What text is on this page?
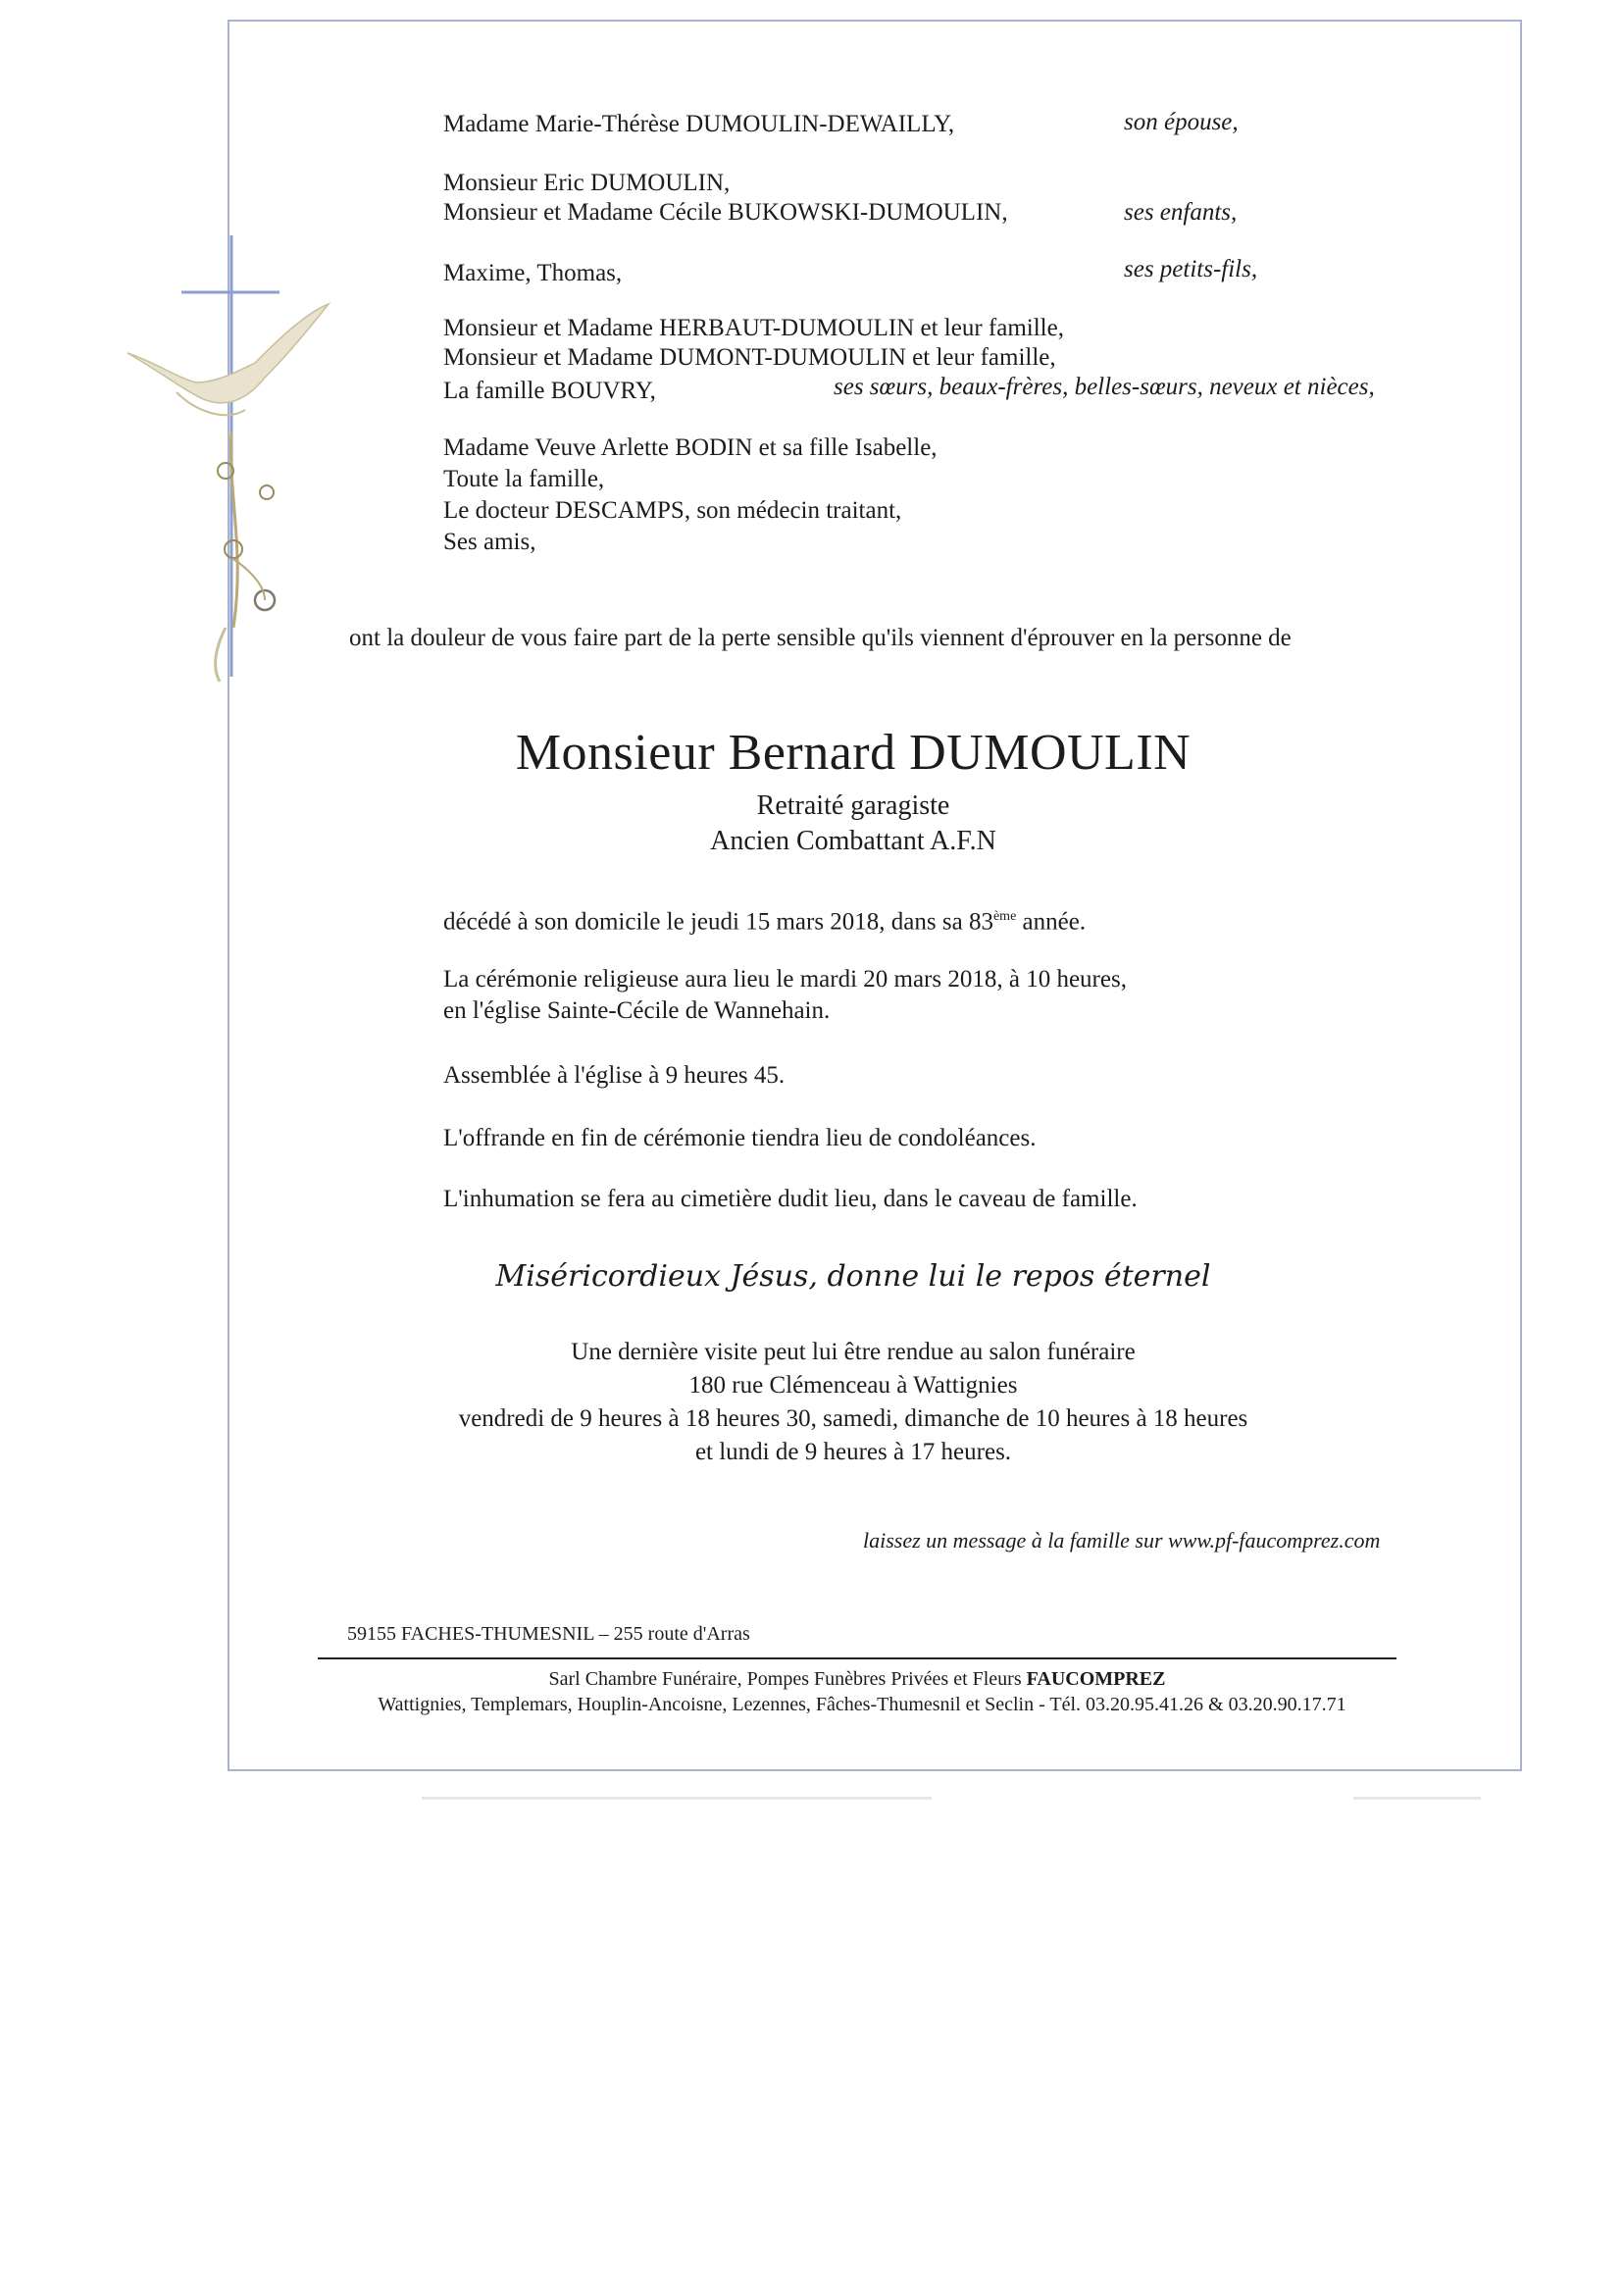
Madame Marie-Thérèse DUMOULIN-DEWAILLY,	son épouse,
Monsieur Eric DUMOULIN,
Monsieur et Madame Cécile BUKOWSKI-DUMOULIN,	ses enfants,
Maxime, Thomas,	ses petits-fils,
Monsieur et Madame HERBAUT-DUMOULIN et leur famille,
Monsieur et Madame DUMONT-DUMOULIN et leur famille,
La famille BOUVRY,	ses sœurs, beaux-frères, belles-sœurs, neveux et nièces,
Madame Veuve Arlette BODIN et sa fille Isabelle,
Toute la famille,
Le docteur DESCAMPS, son médecin traitant,
Ses amis,
ont la douleur de vous faire part de la perte sensible qu'ils viennent d'éprouver en la personne de
Monsieur Bernard DUMOULIN
Retraité garagiste
Ancien Combattant A.F.N
décédé à son domicile le jeudi 15 mars 2018, dans sa 83ème année.
La cérémonie religieuse aura lieu le mardi 20 mars 2018, à 10 heures,
en l'église Sainte-Cécile de Wannehain.
Assemblée à l'église à 9 heures 45.
L'offrande en fin de cérémonie tiendra lieu de condoléances.
L'inhumation se fera au cimetière dudit lieu, dans le caveau de famille.
Miséricordieux Jésus, donne lui le repos éternel
Une dernière visite peut lui être rendue au salon funéraire
180 rue Clémenceau à Wattignies
vendredi de 9 heures à 18 heures 30, samedi, dimanche de 10 heures à 18 heures
et lundi de 9 heures à 17 heures.
laissez un message à la famille sur www.pf-faucomprez.com
59155 FACHES-THUMESNIL – 255 route d'Arras
Sarl Chambre Funéraire, Pompes Funèbres Privées et Fleurs FAUCOMPREZ
Wattignies, Templemars, Houplin-Ancoisne, Lezennes, Fâches-Thumesnil et Seclin - Tél. 03.20.95.41.26 & 03.20.90.17.71
